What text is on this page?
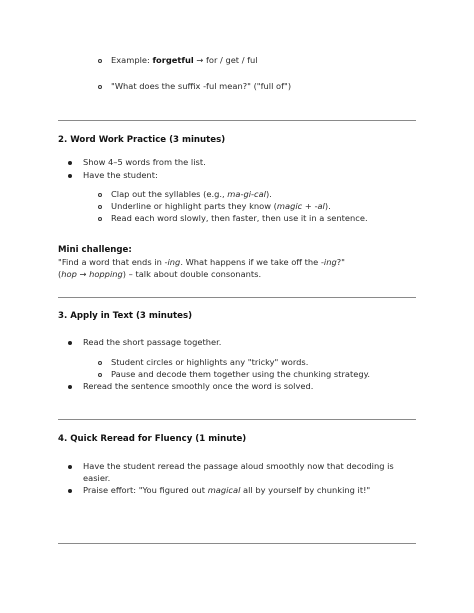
Example: forgetful → for / get / ful
"What does the suffix -ful mean?" ("full of")
2. Word Work Practice (3 minutes)
Show 4–5 words from the list.
Have the student:
Clap out the syllables (e.g., ma-gi-cal).
Underline or highlight parts they know (magic + -al).
Read each word slowly, then faster, then use it in a sentence.
Mini challenge:
"Find a word that ends in -ing. What happens if we take off the -ing?"
(hop → hopping) – talk about double consonants.
3. Apply in Text (3 minutes)
Read the short passage together.
Student circles or highlights any "tricky" words.
Pause and decode them together using the chunking strategy.
Reread the sentence smoothly once the word is solved.
4. Quick Reread for Fluency (1 minute)
Have the student reread the passage aloud smoothly now that decoding is
easier.
Praise effort: "You figured out magical all by yourself by chunking it!"
